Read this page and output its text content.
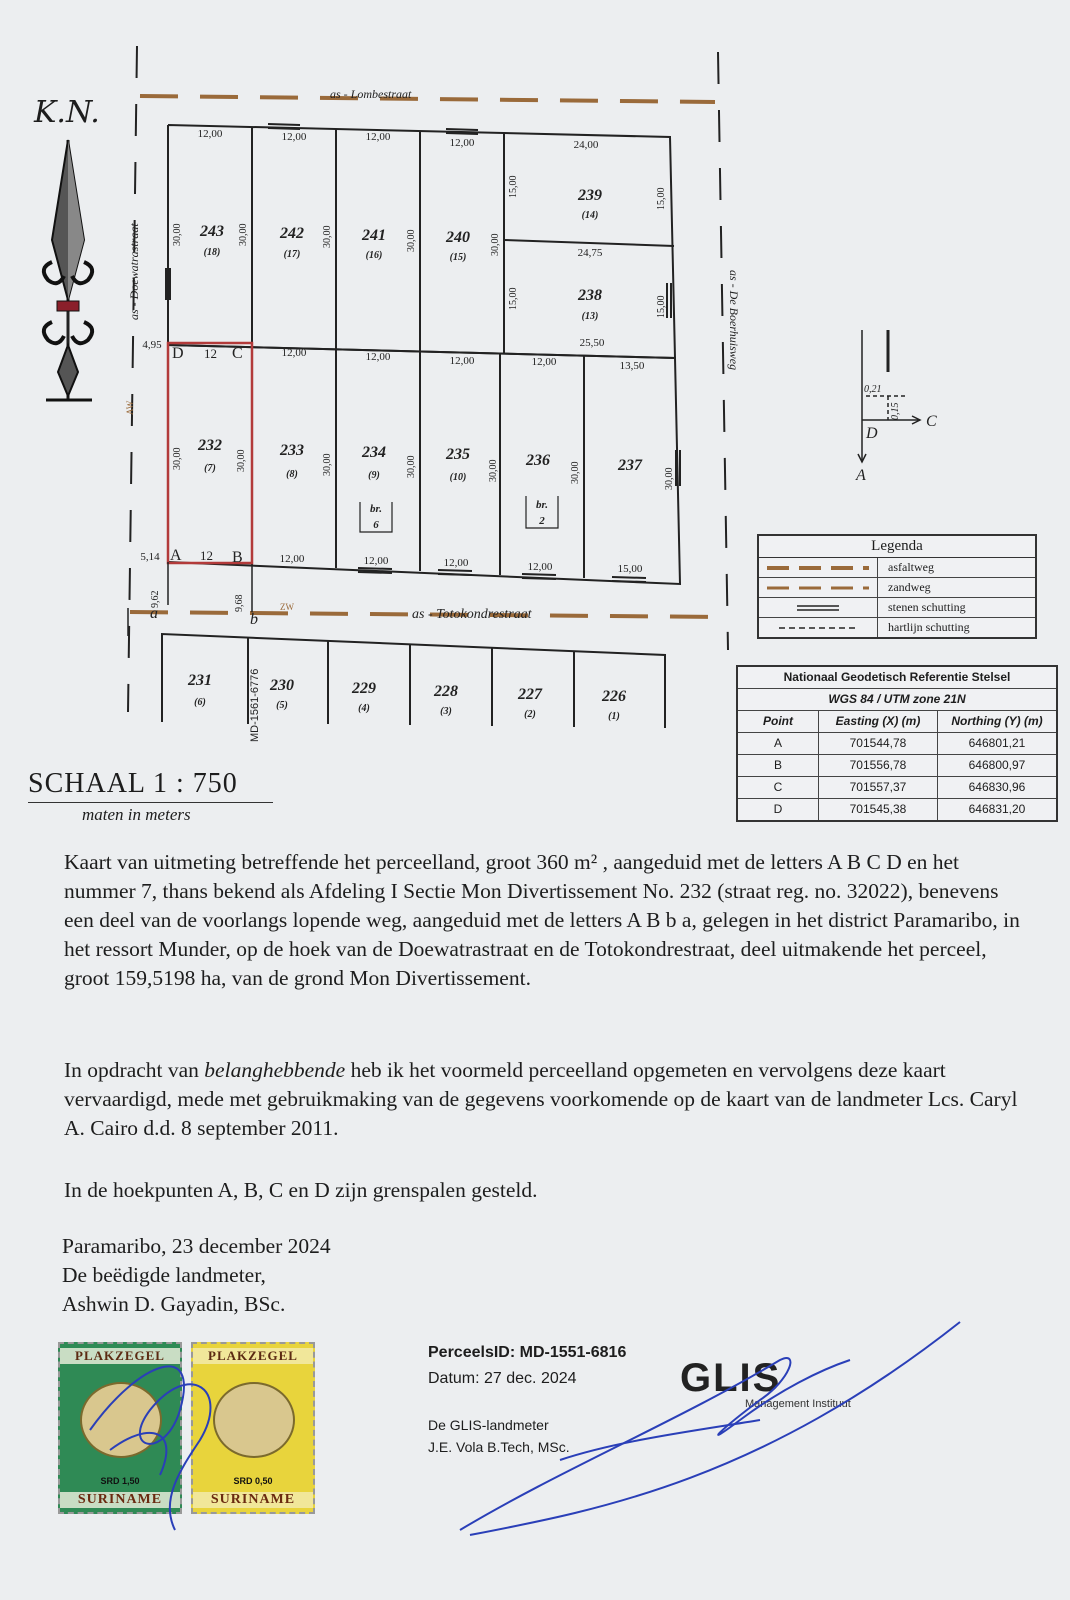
as - Lombestraat
as - Totokondrestraat
as - Doewatrastraat	as - De Boerhuisweg
AW
ZW
243	242	241	240
239
238
(18)	(17)	(16)	(15)
(14)
(13)
232	233	234	235	236	237
(7)
(8)	(9)	(10)
br.
6
br.
2
231	230	229	228	227	226
(6)	(5)	(4)	(3)	(2)	(1)
MD-1561-6776
12,00	12,00	12,00	12,00	24,00
24,75
25,50
12,00	12,00	12,00	12,00	13,50
12,00	12,00	12,00	12,00	15,00
4,95
5,14
30,00	30,00	30,00	30,00	30,00
15,00
15,00
15,00	15,00
30,00	30,00	30,00	30,00	30,00	30,00	30,00
9,62	9,68
D 12 C
A 12 B
a	b
D
C
A
0,21
0,15
K.N.
SCHAAL 1 : 750
maten in meters
Legenda
asfaltweg
zandweg
stenen schutting
hartlijn schutting
Nationaal Geodetisch Referentie Stelsel
WGS 84 / UTM zone 21N
Point	Easting (X) (m)	Northing (Y) (m)
A	701544,78	646801,21
B	701556,78	646800,97
C	701557,37	646830,96
D	701545,38	646831,20

Kaart van uitmeting betreffende het perceelland, groot 360 m² , aangeduid met de letters A B C D en het nummer 7, thans bekend als Afdeling I Sectie Mon Divertissement No. 232 (straat reg. no. 32022), benevens een deel van de voorlangs lopende weg, aangeduid met de letters A B b a, gelegen in het district Paramaribo, in het ressort Munder, op de hoek van de Doewatrastraat en de Totokondrestraat, deel uitmakende het perceel, groot 159,5198 ha, van de grond Mon Divertissement.

In opdracht van belanghebbende heb ik het voormeld perceelland opgemeten en vervolgens deze kaart vervaardigd, mede met gebruikmaking van de gegevens voorkomende op de kaart van de landmeter Lcs. Caryl A. Cairo d.d. 8 september 2011.

In de hoekpunten A, B, C en D zijn grenspalen gesteld.

Paramaribo, 23 december 2024
De beëdigde landmeter,
Ashwin D. Gayadin, BSc.
PLAKZEGEL
SRD 1,50
SURINAME
PLAKZEGEL
SRD 0,50
SURINAME
PerceelsID: MD-1551-6816
Datum: 27 dec. 2024
De GLIS-landmeter
J.E. Vola B.Tech, MSc.
GLIS
Management Instituut
